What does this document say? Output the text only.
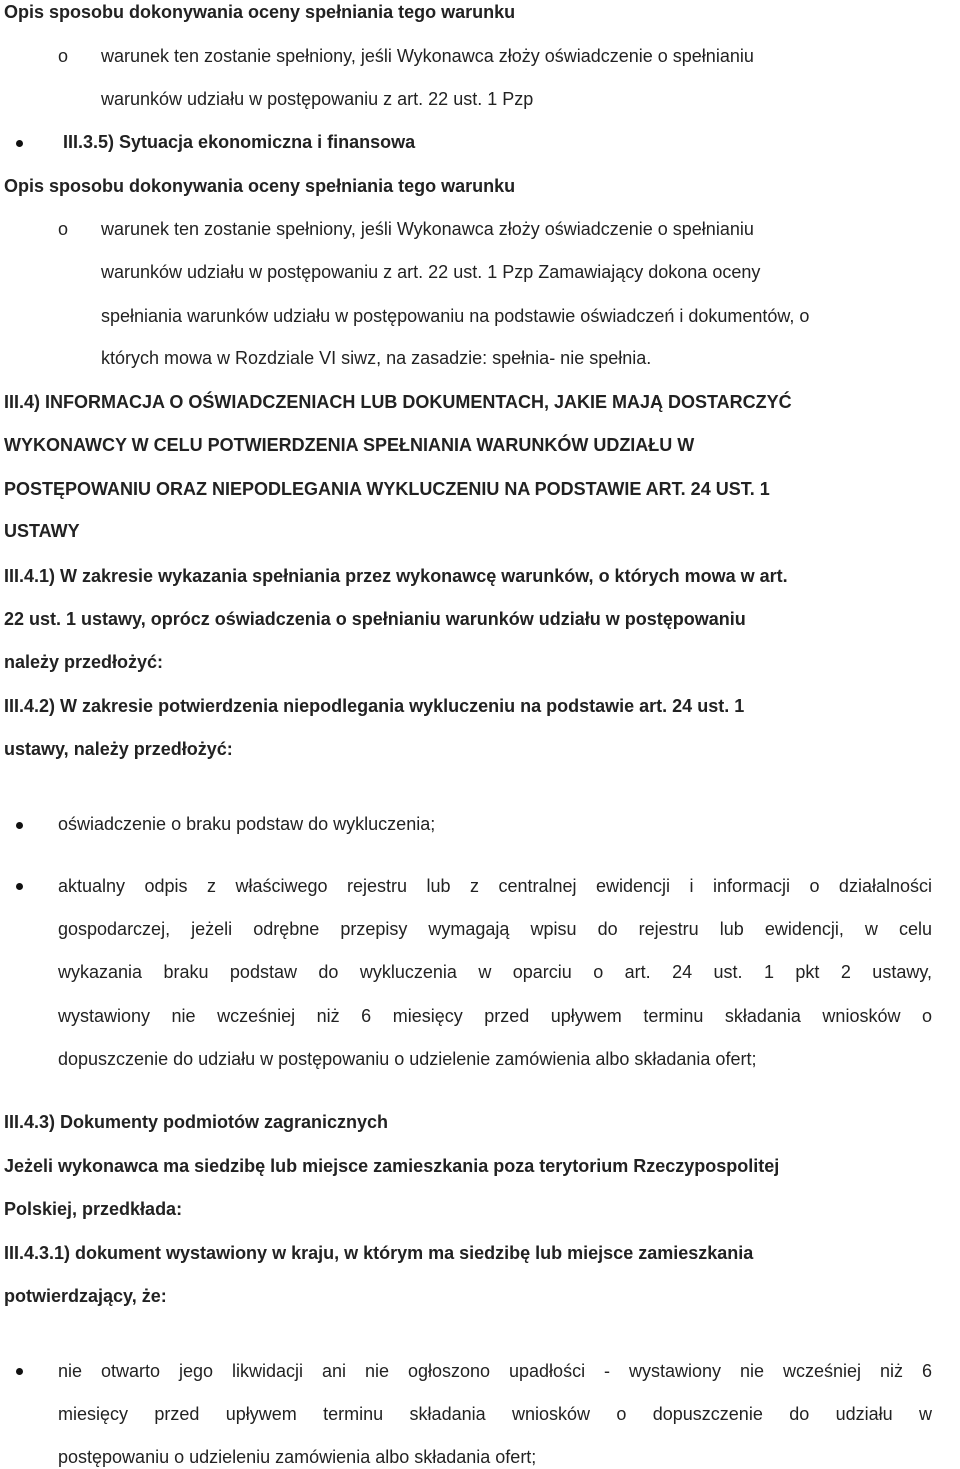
Opis sposobu dokonywania oceny spełniania tego warunku
o warunek ten zostanie spełniony, jeśli Wykonawca złoży oświadczenie o spełnianiu
warunków udziału w postępowaniu z art. 22 ust. 1 Pzp
III.3.5) Sytuacja ekonomiczna i finansowa
Opis sposobu dokonywania oceny spełniania tego warunku
o warunek ten zostanie spełniony, jeśli Wykonawca złoży oświadczenie o spełnianiu
warunków udziału w postępowaniu z art. 22 ust. 1 Pzp Zamawiający dokona oceny
spełniania warunków udziału w postępowaniu na podstawie oświadczeń i dokumentów, o
których mowa w Rozdziale VI siwz, na zasadzie: spełnia- nie spełnia.
III.4) INFORMACJA O OŚWIADCZENIACH LUB DOKUMENTACH, JAKIE MAJĄ DOSTARCZYĆ
WYKONAWCY W CELU POTWIERDZENIA SPEŁNIANIA WARUNKÓW UDZIAŁU W
POSTĘPOWANIU ORAZ NIEPODLEGANIA WYKLUCZENIU NA PODSTAWIE ART. 24 UST. 1
USTAWY
III.4.1) W zakresie wykazania spełniania przez wykonawcę warunków, o których mowa w art.
22 ust. 1 ustawy, oprócz oświadczenia o spełnianiu warunków udziału w postępowaniu
należy przedłożyć:
III.4.2) W zakresie potwierdzenia niepodlegania wykluczeniu na podstawie art. 24 ust. 1
ustawy, należy przedłożyć:
oświadczenie o braku podstaw do wykluczenia;
aktualny odpis z właściwego rejestru lub z centralnej ewidencji i informacji o działalności
gospodarczej, jeżeli odrębne przepisy wymagają wpisu do rejestru lub ewidencji, w celu
wykazania braku podstaw do wykluczenia w oparciu o art. 24 ust. 1 pkt 2 ustawy,
wystawiony nie wcześniej niż 6 miesięcy przed upływem terminu składania wniosków o
dopuszczenie do udziału w postępowaniu o udzielenie zamówienia albo składania ofert;
III.4.3) Dokumenty podmiotów zagranicznych
Jeżeli wykonawca ma siedzibę lub miejsce zamieszkania poza terytorium Rzeczypospolitej
Polskiej, przedkłada:
III.4.3.1) dokument wystawiony w kraju, w którym ma siedzibę lub miejsce zamieszkania
potwierdzający, że:
nie otwarto jego likwidacji ani nie ogłoszono upadłości - wystawiony nie wcześniej niż 6
miesięcy przed upływem terminu składania wniosków o dopuszczenie do udziału w
postępowaniu o udzieleniu zamówienia albo składania ofert;
